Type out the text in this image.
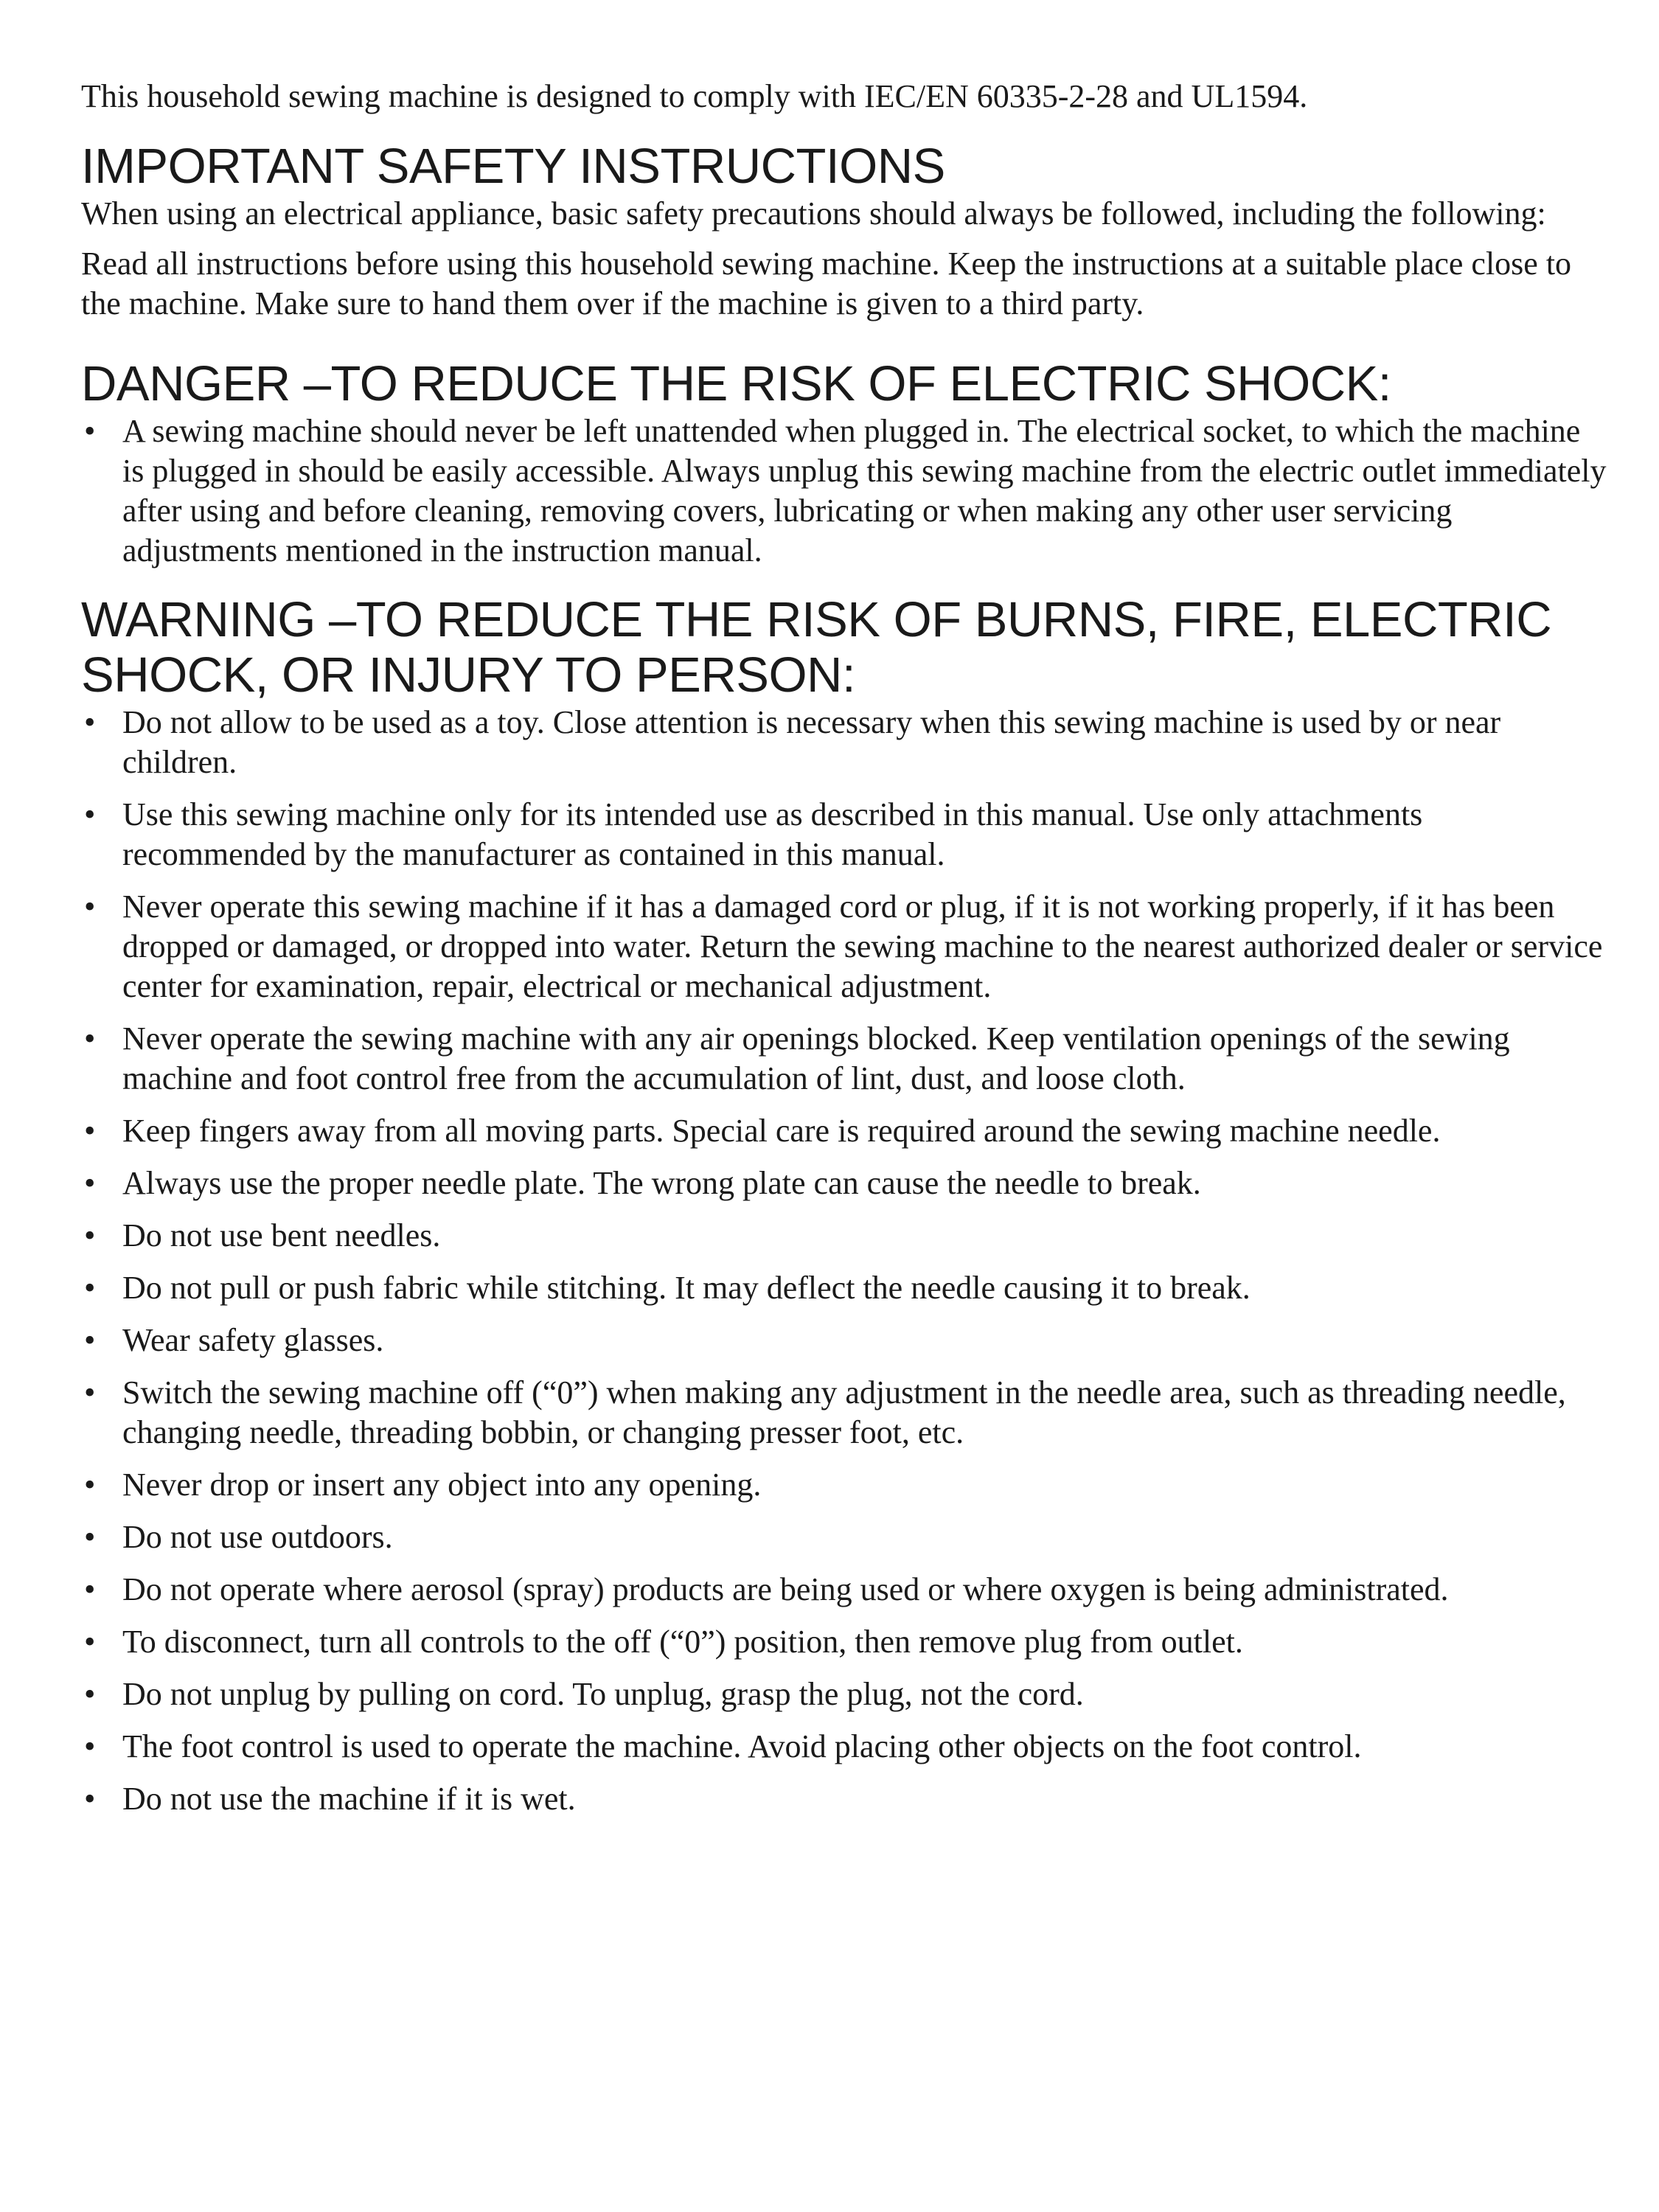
This household sewing machine is designed to comply with IEC/EN 60335-2-28 and UL1594.

IMPORTANT SAFETY INSTRUCTIONS

When using an electrical appliance, basic safety precautions should always be followed, including the following:

Read all instructions before using this household sewing machine. Keep the instructions at a suitable place close to the machine. Make sure to hand them over if the machine is given to a third party.

DANGER –TO REDUCE THE RISK OF ELECTRIC SHOCK:
• A sewing machine should never be left unattended when plugged in. The electrical socket, to which the machine is plugged in should be easily accessible. Always unplug this sewing machine from the electric outlet immediately after using and before cleaning, removing covers, lubricating or when making any other user servicing adjustments mentioned in the instruction manual.
WARNING –TO REDUCE THE RISK OF BURNS, FIRE, ELECTRIC SHOCK, OR INJURY TO PERSON:
• Do not allow to be used as a toy. Close attention is necessary when this sewing machine is used by or near children.
• Use this sewing machine only for its intended use as described in this manual. Use only attachments recommended by the manufacturer as contained in this manual.
• Never operate this sewing machine if it has a damaged cord or plug, if it is not working properly, if it has been dropped or damaged, or dropped into water. Return the sewing machine to the nearest authorized dealer or service center for examination, repair, electrical or mechanical adjustment.
• Never operate the sewing machine with any air openings blocked. Keep ventilation openings of the sewing machine and foot control free from the accumulation of lint, dust, and loose cloth.
• Keep fingers away from all moving parts. Special care is required around the sewing machine needle.
• Always use the proper needle plate. The wrong plate can cause the needle to break.
• Do not use bent needles.
• Do not pull or push fabric while stitching. It may deflect the needle causing it to break.
• Wear safety glasses.
• Switch the sewing machine off (“0”) when making any adjustment in the needle area, such as threading needle, changing needle, threading bobbin, or changing presser foot, etc.
• Never drop or insert any object into any opening.
• Do not use outdoors.
• Do not operate where aerosol (spray) products are being used or where oxygen is being administrated.
• To disconnect, turn all controls to the off (“0”) position, then remove plug from outlet.
• Do not unplug by pulling on cord. To unplug, grasp the plug, not the cord.
• The foot control is used to operate the machine. Avoid placing other objects on the foot control.
• Do not use the machine if it is wet.
